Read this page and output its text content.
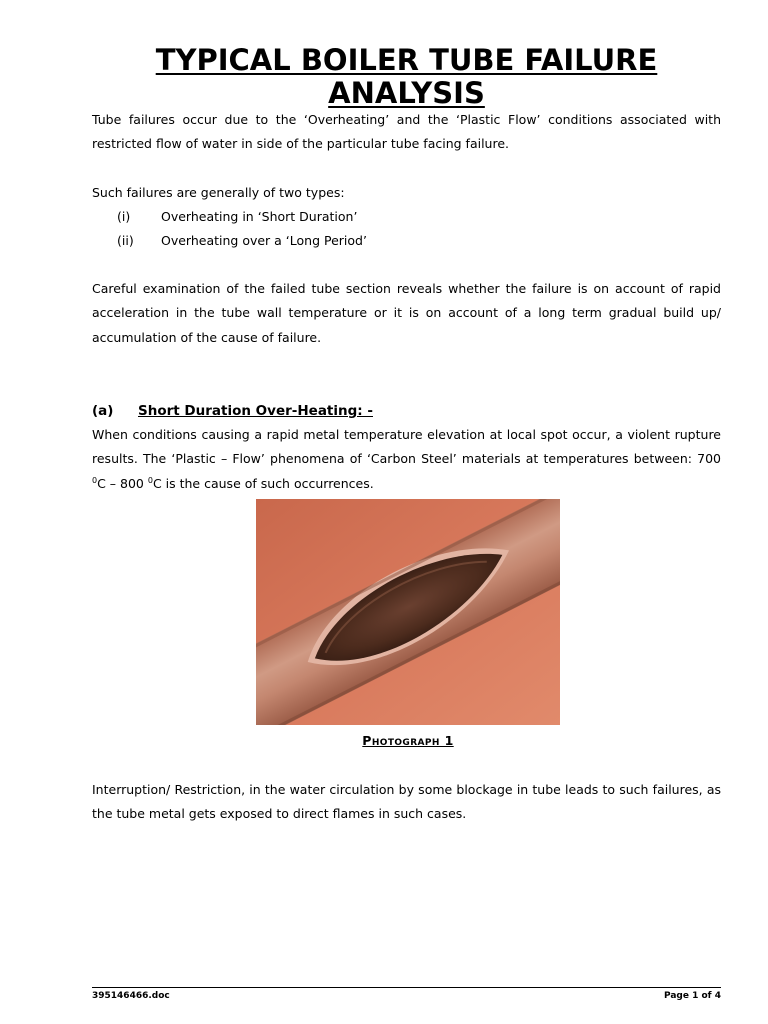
TYPICAL BOILER TUBE FAILURE ANALYSIS

Tube failures occur due to the ‘Overheating’ and the ‘Plastic Flow’ conditions associated with restricted flow of water in side of the particular tube facing failure.

Such failures are generally of two types:
(i) Overheating in ‘Short Duration’
(ii) Overheating over a ‘Long Period’

Careful examination of the failed tube section reveals whether the failure is on account of rapid acceleration in the tube wall temperature or it is on account of a long term gradual build up/ accumulation of the cause of failure.

(a) Short Duration Over-Heating: -

When conditions causing a rapid metal temperature elevation at local spot occur, a violent rupture results. The ‘Plastic – Flow’ phenomena of ‘Carbon Steel’ materials at temperatures between: 700 $^0$C – 800 $^0$C is the cause of such occurrences.

Photograph 1

Interruption/ Restriction, in the water circulation by some blockage in tube leads to such failures, as the tube metal gets exposed to direct flames in such cases.

395146466.doc	Page 1 of 4
